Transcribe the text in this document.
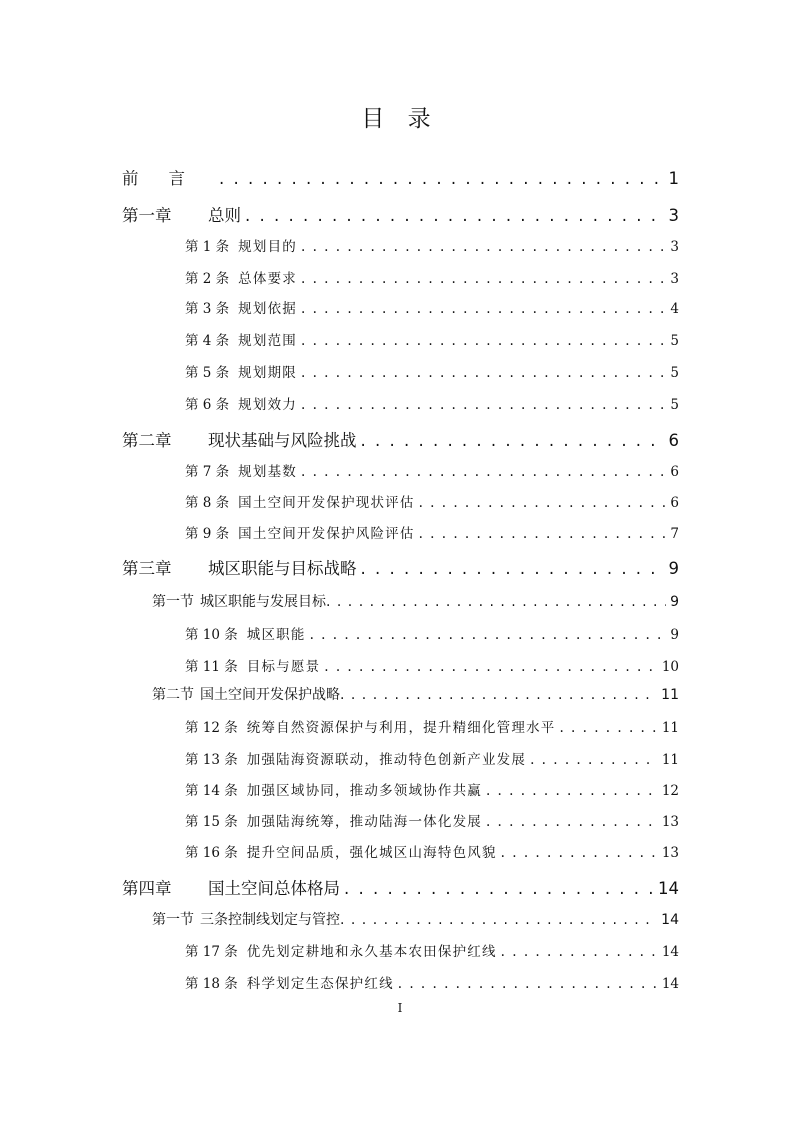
目 录
前言 . . .	1
第一章 总则 . . .	3
第 1 条 规划目的 . . .	3
第 2 条 总体要求 . . .	3
第 3 条 规划依据 . . .	4
第 4 条 规划范围 . . .	5
第 5 条 规划期限 . . .	5
第 6 条 规划效力 . . .	5
第二章 现状基础与风险挑战 . . .	6
第 7 条 规划基数 . . .	6
第 8 条 国土空间开发保护现状评估 . . .	6
第 9 条 国土空间开发保护风险评估 . . .	7
第三章 城区职能与目标战略 . . .	9
第一节 城区职能与发展目标 . . .	9
第 10 条 城区职能 . . .	9
第 11 条 目标与愿景 . . .	10
第二节 国土空间开发保护战略 . . .	11
第 12 条 统筹自然资源保护与利用，提升精细化管理水平 . . .	11
第 13 条 加强陆海资源联动，推动特色创新产业发展 . . .	11
第 14 条 加强区域协同，推动多领域协作共赢 . . .	12
第 15 条 加强陆海统筹，推动陆海一体化发展 . . .	13
第 16 条 提升空间品质，强化城区山海特色风貌 . . .	13
第四章 国土空间总体格局 . . .	14
第一节 三条控制线划定与管控 . . .	14
第 17 条 优先划定耕地和永久基本农田保护红线 . . .	14
第 18 条 科学划定生态保护红线 . . .	14
I
